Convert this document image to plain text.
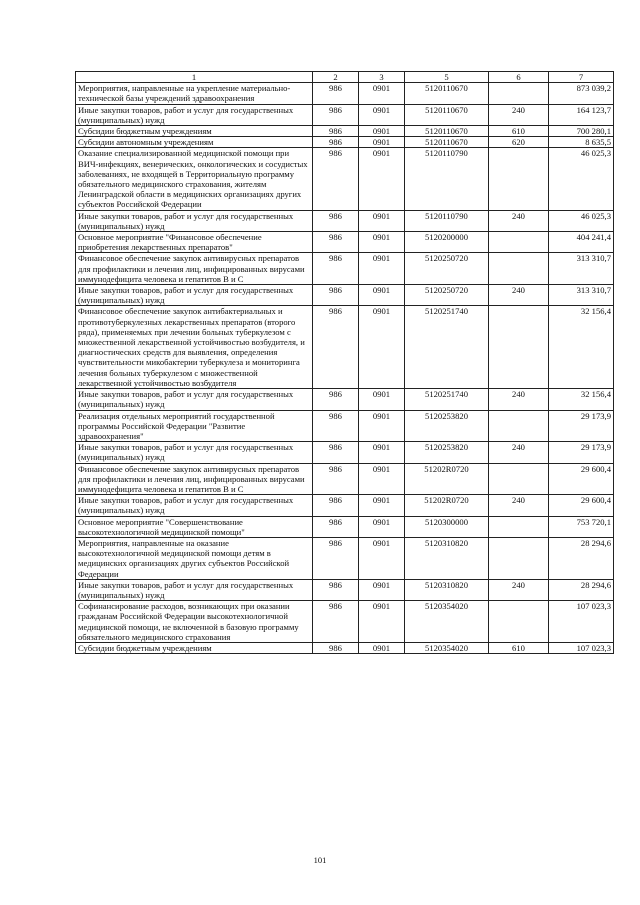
1	2	3	5	6	7
Мероприятия, направленные на укрепление материально-технической базы учреждений здравоохранения	986	0901	5120110670		873 039,2
Иные закупки товаров, работ и услуг для государственных (муниципальных) нужд	986	0901	5120110670	240	164 123,7
Субсидии бюджетным учреждениям	986	0901	5120110670	610	700 280,1
Субсидии автономным учреждениям	986	0901	5120110670	620	8 635,5
Оказание специализированной медицинской помощи при ВИЧ-инфекциях, венерических, онкологических и сосудистых заболеваниях, не входящей в Территориальную программу обязательного медицинского страхования, жителям Ленинградской области в медицинских организациях других субъектов Российской Федерации	986	0901	5120110790		46 025,3
Иные закупки товаров, работ и услуг для государственных (муниципальных) нужд	986	0901	5120110790	240	46 025,3
Основное мероприятие "Финансовое обеспечение приобретения лекарственных препаратов"	986	0901	5120200000		404 241,4
Финансовое обеспечение закупок антивирусных препаратов для профилактики и лечения лиц, инфицированных вирусами иммунодефицита человека и гепатитов В и С	986	0901	5120250720		313 310,7
Иные закупки товаров, работ и услуг для государственных (муниципальных) нужд	986	0901	5120250720	240	313 310,7
Финансовое обеспечение закупок антибактериальных и противотуберкулезных лекарственных препаратов (второго ряда), применяемых при лечении больных туберкулезом с множественной лекарственной устойчивостью возбудителя, и диагностических средств для выявления, определения чувствительности микобактерии туберкулеза и мониторинга лечения больных туберкулезом с множественной лекарственной устойчивостью возбудителя	986	0901	5120251740		32 156,4
Иные закупки товаров, работ и услуг для государственных (муниципальных) нужд	986	0901	5120251740	240	32 156,4
Реализация отдельных мероприятий государственной программы Российской Федерации "Развитие здравоохранения"	986	0901	5120253820		29 173,9
Иные закупки товаров, работ и услуг для государственных (муниципальных) нужд	986	0901	5120253820	240	29 173,9
Финансовое обеспечение закупок антивирусных препаратов для профилактики и лечения лиц, инфицированных вирусами иммунодефицита человека и гепатитов В и С	986	0901	51202R0720		29 600,4
Иные закупки товаров, работ и услуг для государственных (муниципальных) нужд	986	0901	51202R0720	240	29 600,4
Основное мероприятие "Совершенствование высокотехнологичной медицинской помощи"	986	0901	5120300000		753 720,1
Мероприятия, направленные на оказание высокотехнологичной медицинской помощи детям в медицинских организациях других субъектов Российской Федерации	986	0901	5120310820		28 294,6
Иные закупки товаров, работ и услуг для государственных (муниципальных) нужд	986	0901	5120310820	240	28 294,6
Софинансирование расходов, возникающих при оказании гражданам Российской Федерации высокотехнологичной медицинской помощи, не включенной в базовую программу обязательного медицинского страхования	986	0901	5120354020		107 023,3
Субсидии бюджетным учреждениям	986	0901	5120354020	610	107 023,3
101
